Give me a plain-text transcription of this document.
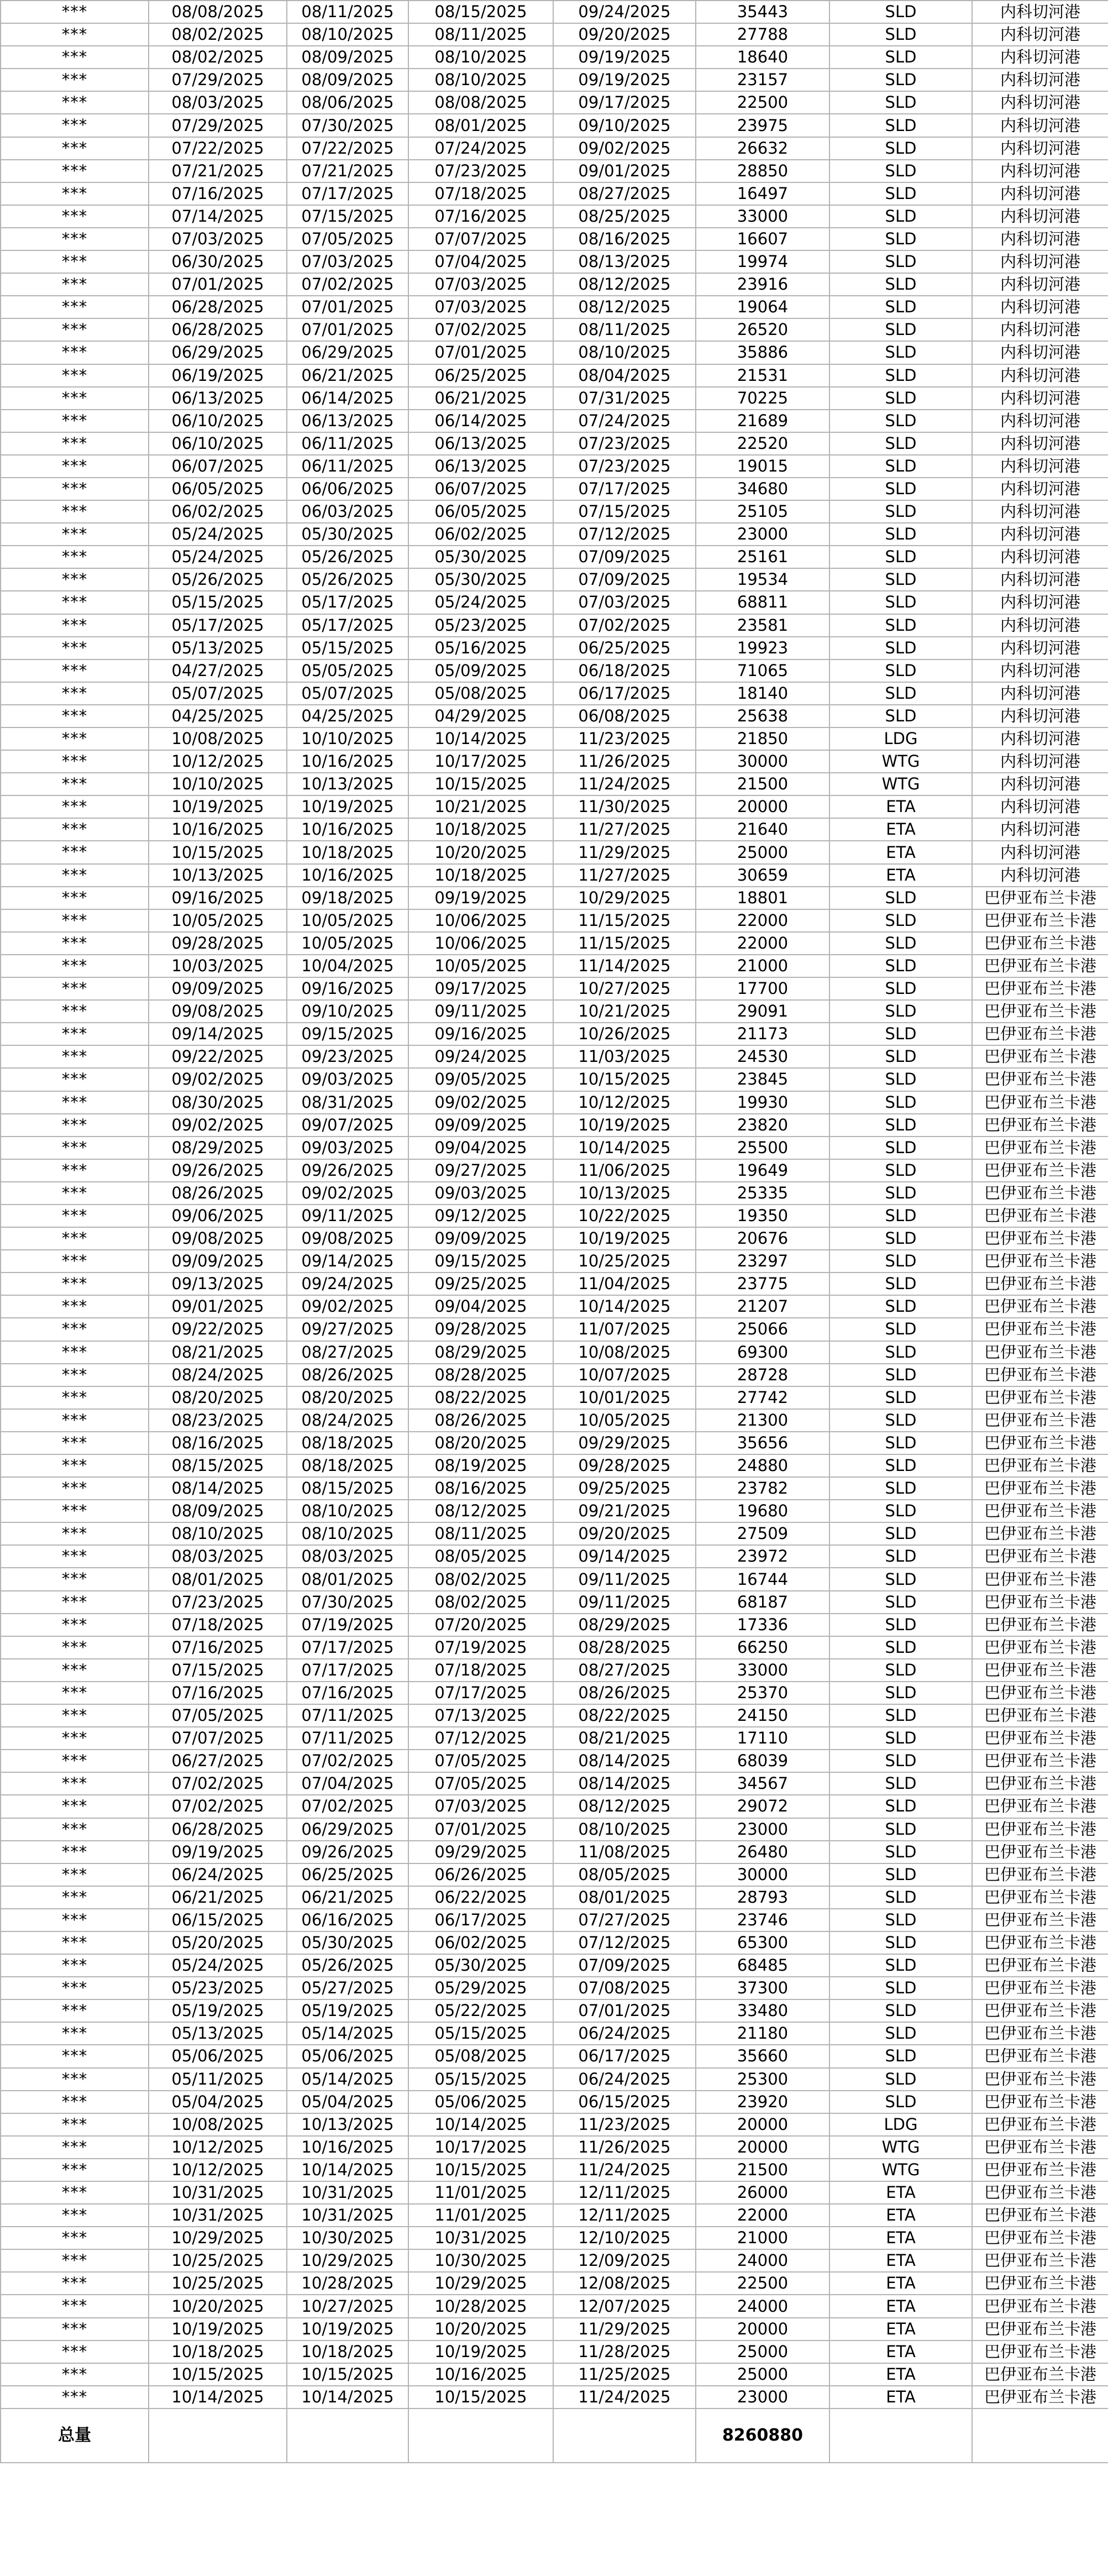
***	08/08/2025	08/11/2025	08/15/2025	09/24/2025	35443	SLD	内科切河港
***	08/02/2025	08/10/2025	08/11/2025	09/20/2025	27788	SLD	内科切河港
***	08/02/2025	08/09/2025	08/10/2025	09/19/2025	18640	SLD	内科切河港
***	07/29/2025	08/09/2025	08/10/2025	09/19/2025	23157	SLD	内科切河港
***	08/03/2025	08/06/2025	08/08/2025	09/17/2025	22500	SLD	内科切河港
***	07/29/2025	07/30/2025	08/01/2025	09/10/2025	23975	SLD	内科切河港
***	07/22/2025	07/22/2025	07/24/2025	09/02/2025	26632	SLD	内科切河港
***	07/21/2025	07/21/2025	07/23/2025	09/01/2025	28850	SLD	内科切河港
***	07/16/2025	07/17/2025	07/18/2025	08/27/2025	16497	SLD	内科切河港
***	07/14/2025	07/15/2025	07/16/2025	08/25/2025	33000	SLD	内科切河港
***	07/03/2025	07/05/2025	07/07/2025	08/16/2025	16607	SLD	内科切河港
***	06/30/2025	07/03/2025	07/04/2025	08/13/2025	19974	SLD	内科切河港
***	07/01/2025	07/02/2025	07/03/2025	08/12/2025	23916	SLD	内科切河港
***	06/28/2025	07/01/2025	07/03/2025	08/12/2025	19064	SLD	内科切河港
***	06/28/2025	07/01/2025	07/02/2025	08/11/2025	26520	SLD	内科切河港
***	06/29/2025	06/29/2025	07/01/2025	08/10/2025	35886	SLD	内科切河港
***	06/19/2025	06/21/2025	06/25/2025	08/04/2025	21531	SLD	内科切河港
***	06/13/2025	06/14/2025	06/21/2025	07/31/2025	70225	SLD	内科切河港
***	06/10/2025	06/13/2025	06/14/2025	07/24/2025	21689	SLD	内科切河港
***	06/10/2025	06/11/2025	06/13/2025	07/23/2025	22520	SLD	内科切河港
***	06/07/2025	06/11/2025	06/13/2025	07/23/2025	19015	SLD	内科切河港
***	06/05/2025	06/06/2025	06/07/2025	07/17/2025	34680	SLD	内科切河港
***	06/02/2025	06/03/2025	06/05/2025	07/15/2025	25105	SLD	内科切河港
***	05/24/2025	05/30/2025	06/02/2025	07/12/2025	23000	SLD	内科切河港
***	05/24/2025	05/26/2025	05/30/2025	07/09/2025	25161	SLD	内科切河港
***	05/26/2025	05/26/2025	05/30/2025	07/09/2025	19534	SLD	内科切河港
***	05/15/2025	05/17/2025	05/24/2025	07/03/2025	68811	SLD	内科切河港
***	05/17/2025	05/17/2025	05/23/2025	07/02/2025	23581	SLD	内科切河港
***	05/13/2025	05/15/2025	05/16/2025	06/25/2025	19923	SLD	内科切河港
***	04/27/2025	05/05/2025	05/09/2025	06/18/2025	71065	SLD	内科切河港
***	05/07/2025	05/07/2025	05/08/2025	06/17/2025	18140	SLD	内科切河港
***	04/25/2025	04/25/2025	04/29/2025	06/08/2025	25638	SLD	内科切河港
***	10/08/2025	10/10/2025	10/14/2025	11/23/2025	21850	LDG	内科切河港
***	10/12/2025	10/16/2025	10/17/2025	11/26/2025	30000	WTG	内科切河港
***	10/10/2025	10/13/2025	10/15/2025	11/24/2025	21500	WTG	内科切河港
***	10/19/2025	10/19/2025	10/21/2025	11/30/2025	20000	ETA	内科切河港
***	10/16/2025	10/16/2025	10/18/2025	11/27/2025	21640	ETA	内科切河港
***	10/15/2025	10/18/2025	10/20/2025	11/29/2025	25000	ETA	内科切河港
***	10/13/2025	10/16/2025	10/18/2025	11/27/2025	30659	ETA	内科切河港
***	09/16/2025	09/18/2025	09/19/2025	10/29/2025	18801	SLD	巴伊亚布兰卡港
***	10/05/2025	10/05/2025	10/06/2025	11/15/2025	22000	SLD	巴伊亚布兰卡港
***	09/28/2025	10/05/2025	10/06/2025	11/15/2025	22000	SLD	巴伊亚布兰卡港
***	10/03/2025	10/04/2025	10/05/2025	11/14/2025	21000	SLD	巴伊亚布兰卡港
***	09/09/2025	09/16/2025	09/17/2025	10/27/2025	17700	SLD	巴伊亚布兰卡港
***	09/08/2025	09/10/2025	09/11/2025	10/21/2025	29091	SLD	巴伊亚布兰卡港
***	09/14/2025	09/15/2025	09/16/2025	10/26/2025	21173	SLD	巴伊亚布兰卡港
***	09/22/2025	09/23/2025	09/24/2025	11/03/2025	24530	SLD	巴伊亚布兰卡港
***	09/02/2025	09/03/2025	09/05/2025	10/15/2025	23845	SLD	巴伊亚布兰卡港
***	08/30/2025	08/31/2025	09/02/2025	10/12/2025	19930	SLD	巴伊亚布兰卡港
***	09/02/2025	09/07/2025	09/09/2025	10/19/2025	23820	SLD	巴伊亚布兰卡港
***	08/29/2025	09/03/2025	09/04/2025	10/14/2025	25500	SLD	巴伊亚布兰卡港
***	09/26/2025	09/26/2025	09/27/2025	11/06/2025	19649	SLD	巴伊亚布兰卡港
***	08/26/2025	09/02/2025	09/03/2025	10/13/2025	25335	SLD	巴伊亚布兰卡港
***	09/06/2025	09/11/2025	09/12/2025	10/22/2025	19350	SLD	巴伊亚布兰卡港
***	09/08/2025	09/08/2025	09/09/2025	10/19/2025	20676	SLD	巴伊亚布兰卡港
***	09/09/2025	09/14/2025	09/15/2025	10/25/2025	23297	SLD	巴伊亚布兰卡港
***	09/13/2025	09/24/2025	09/25/2025	11/04/2025	23775	SLD	巴伊亚布兰卡港
***	09/01/2025	09/02/2025	09/04/2025	10/14/2025	21207	SLD	巴伊亚布兰卡港
***	09/22/2025	09/27/2025	09/28/2025	11/07/2025	25066	SLD	巴伊亚布兰卡港
***	08/21/2025	08/27/2025	08/29/2025	10/08/2025	69300	SLD	巴伊亚布兰卡港
***	08/24/2025	08/26/2025	08/28/2025	10/07/2025	28728	SLD	巴伊亚布兰卡港
***	08/20/2025	08/20/2025	08/22/2025	10/01/2025	27742	SLD	巴伊亚布兰卡港
***	08/23/2025	08/24/2025	08/26/2025	10/05/2025	21300	SLD	巴伊亚布兰卡港
***	08/16/2025	08/18/2025	08/20/2025	09/29/2025	35656	SLD	巴伊亚布兰卡港
***	08/15/2025	08/18/2025	08/19/2025	09/28/2025	24880	SLD	巴伊亚布兰卡港
***	08/14/2025	08/15/2025	08/16/2025	09/25/2025	23782	SLD	巴伊亚布兰卡港
***	08/09/2025	08/10/2025	08/12/2025	09/21/2025	19680	SLD	巴伊亚布兰卡港
***	08/10/2025	08/10/2025	08/11/2025	09/20/2025	27509	SLD	巴伊亚布兰卡港
***	08/03/2025	08/03/2025	08/05/2025	09/14/2025	23972	SLD	巴伊亚布兰卡港
***	08/01/2025	08/01/2025	08/02/2025	09/11/2025	16744	SLD	巴伊亚布兰卡港
***	07/23/2025	07/30/2025	08/02/2025	09/11/2025	68187	SLD	巴伊亚布兰卡港
***	07/18/2025	07/19/2025	07/20/2025	08/29/2025	17336	SLD	巴伊亚布兰卡港
***	07/16/2025	07/17/2025	07/19/2025	08/28/2025	66250	SLD	巴伊亚布兰卡港
***	07/15/2025	07/17/2025	07/18/2025	08/27/2025	33000	SLD	巴伊亚布兰卡港
***	07/16/2025	07/16/2025	07/17/2025	08/26/2025	25370	SLD	巴伊亚布兰卡港
***	07/05/2025	07/11/2025	07/13/2025	08/22/2025	24150	SLD	巴伊亚布兰卡港
***	07/07/2025	07/11/2025	07/12/2025	08/21/2025	17110	SLD	巴伊亚布兰卡港
***	06/27/2025	07/02/2025	07/05/2025	08/14/2025	68039	SLD	巴伊亚布兰卡港
***	07/02/2025	07/04/2025	07/05/2025	08/14/2025	34567	SLD	巴伊亚布兰卡港
***	07/02/2025	07/02/2025	07/03/2025	08/12/2025	29072	SLD	巴伊亚布兰卡港
***	06/28/2025	06/29/2025	07/01/2025	08/10/2025	23000	SLD	巴伊亚布兰卡港
***	09/19/2025	09/26/2025	09/29/2025	11/08/2025	26480	SLD	巴伊亚布兰卡港
***	06/24/2025	06/25/2025	06/26/2025	08/05/2025	30000	SLD	巴伊亚布兰卡港
***	06/21/2025	06/21/2025	06/22/2025	08/01/2025	28793	SLD	巴伊亚布兰卡港
***	06/15/2025	06/16/2025	06/17/2025	07/27/2025	23746	SLD	巴伊亚布兰卡港
***	05/20/2025	05/30/2025	06/02/2025	07/12/2025	65300	SLD	巴伊亚布兰卡港
***	05/24/2025	05/26/2025	05/30/2025	07/09/2025	68485	SLD	巴伊亚布兰卡港
***	05/23/2025	05/27/2025	05/29/2025	07/08/2025	37300	SLD	巴伊亚布兰卡港
***	05/19/2025	05/19/2025	05/22/2025	07/01/2025	33480	SLD	巴伊亚布兰卡港
***	05/13/2025	05/14/2025	05/15/2025	06/24/2025	21180	SLD	巴伊亚布兰卡港
***	05/06/2025	05/06/2025	05/08/2025	06/17/2025	35660	SLD	巴伊亚布兰卡港
***	05/11/2025	05/14/2025	05/15/2025	06/24/2025	25300	SLD	巴伊亚布兰卡港
***	05/04/2025	05/04/2025	05/06/2025	06/15/2025	23920	SLD	巴伊亚布兰卡港
***	10/08/2025	10/13/2025	10/14/2025	11/23/2025	20000	LDG	巴伊亚布兰卡港
***	10/12/2025	10/16/2025	10/17/2025	11/26/2025	20000	WTG	巴伊亚布兰卡港
***	10/12/2025	10/14/2025	10/15/2025	11/24/2025	21500	WTG	巴伊亚布兰卡港
***	10/31/2025	10/31/2025	11/01/2025	12/11/2025	26000	ETA	巴伊亚布兰卡港
***	10/31/2025	10/31/2025	11/01/2025	12/11/2025	22000	ETA	巴伊亚布兰卡港
***	10/29/2025	10/30/2025	10/31/2025	12/10/2025	21000	ETA	巴伊亚布兰卡港
***	10/25/2025	10/29/2025	10/30/2025	12/09/2025	24000	ETA	巴伊亚布兰卡港
***	10/25/2025	10/28/2025	10/29/2025	12/08/2025	22500	ETA	巴伊亚布兰卡港
***	10/20/2025	10/27/2025	10/28/2025	12/07/2025	24000	ETA	巴伊亚布兰卡港
***	10/19/2025	10/19/2025	10/20/2025	11/29/2025	20000	ETA	巴伊亚布兰卡港
***	10/18/2025	10/18/2025	10/19/2025	11/28/2025	25000	ETA	巴伊亚布兰卡港
***	10/15/2025	10/15/2025	10/16/2025	11/25/2025	25000	ETA	巴伊亚布兰卡港
***	10/14/2025	10/14/2025	10/15/2025	11/24/2025	23000	ETA	巴伊亚布兰卡港
总量					8260880		
